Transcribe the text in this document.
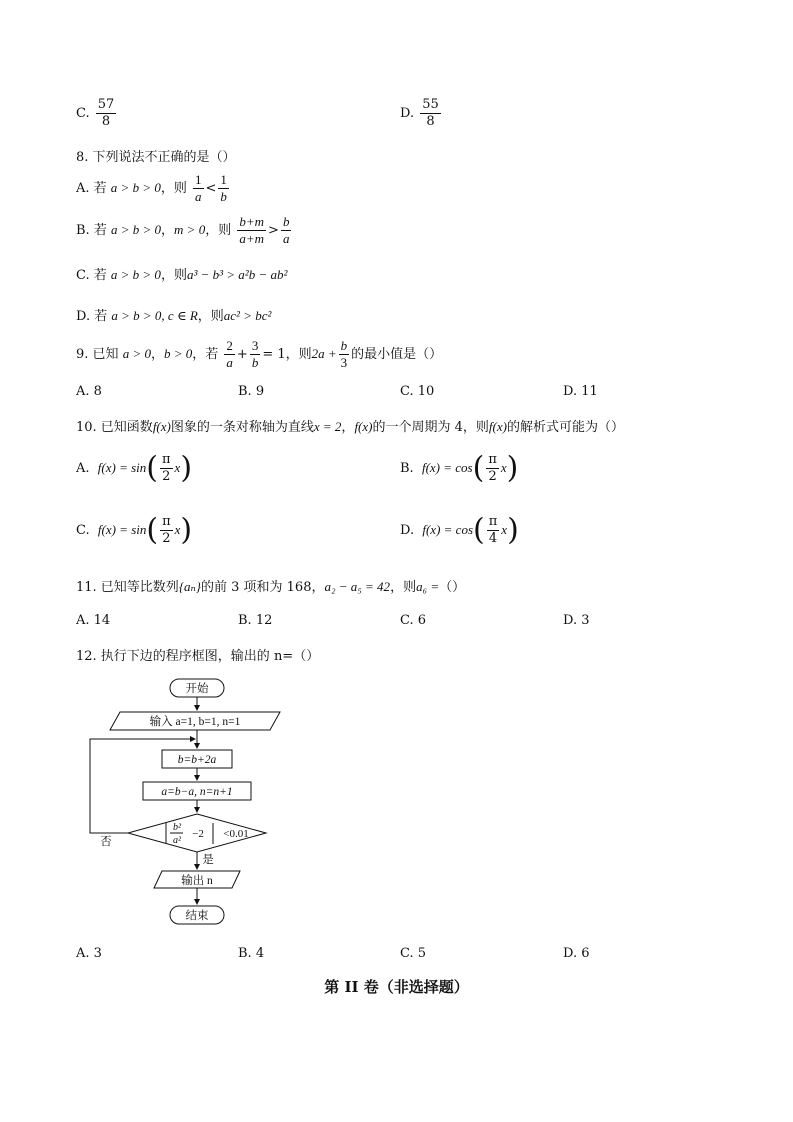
C. $\frac{57}{8}$	D. $\frac{55}{8}$
8. 下列说法不正确的是（）
A. 若 a > b > 0，则 $\frac{1}{a} < \frac{1}{b}$
B. 若 a > b > 0，m > 0，则 $\frac{b+m}{a+m} > \frac{b}{a}$
C. 若 a > b > 0，则a³ − b³ > a²b − ab²
D. 若 a > b > 0, c ∈ R，则ac² > bc²
9. 已知 a > 0，b > 0，若 $\frac{2}{a} + \frac{3}{b} = 1$，则$2a + \frac{b}{3}$ 的最小值是（）
A. 8	B. 9	C. 10	D. 11
10. 已知函数f(x)图象的一条对称轴为直线x = 2，f(x)的一个周期为 4，则f(x)的解析式可能为（）
A. $f(x) = \sin( \frac{\pi}{2} x)$	B. $f(x) = \cos( \frac{\pi}{2} x)$
C. $f(x) = \sin( \frac{\pi}{2} x)$	D. $f(x) = \cos( \frac{\pi}{4} x)$
11. 已知等比数列{aₙ}的前 3 项和为 168，a₂ − a₅ = 42，则a₆ =（）
A. 14	B. 12	C. 6	D. 3
12. 执行下边的程序框图，输出的 n=（）
开始
输入 a=1, b=1, n=1
b=b+2a
a=b−a, n=n+1
b²
a²
−2 <0.01
否
是
输出 n
结束
A. 3	B. 4	C. 5	D. 6
第 II 卷（非选择题）
